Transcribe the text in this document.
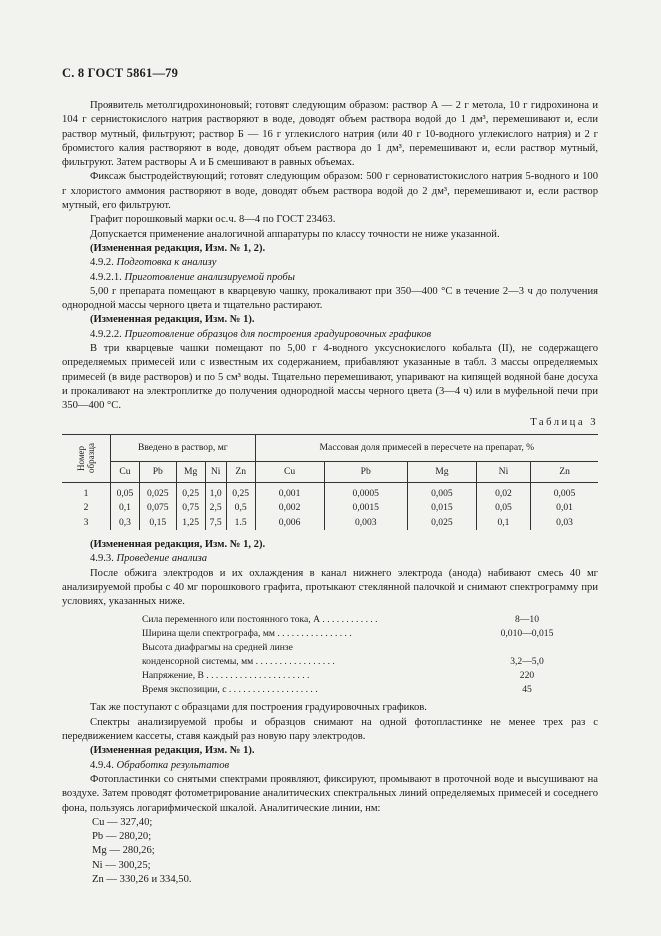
С. 8 ГОСТ 5861—79

Проявитель метолгидрохиноновый; готовят следующим образом: раствор А — 2 г метола, 10 г гидрохинона и 104 г сернистокислого натрия растворяют в воде, доводят объем раствора водой до 1 дм³, перемешивают и, если раствор мутный, фильтруют; раствор Б — 16 г углекислого натрия (или 40 г 10-водного углекислого натрия) и 2 г бромистого калия растворяют в воде, доводят объем раствора до 1 дм³, перемешивают и, если раствор мутный, фильтруют. Затем растворы А и Б смешивают в равных объемах.

Фиксаж быстродействующий; готовят следующим образом: 500 г серноватистокислого натрия 5-водного и 100 г хлористого аммония растворяют в воде, доводят объем раствора водой до 2 дм³, перемешивают и, если раствор мутный, его фильтруют.

Графит порошковый марки ос.ч. 8—4 по ГОСТ 23463.

Допускается применение аналогичной аппаратуры по классу точности не ниже указанной.

(Измененная редакция, Изм. № 1, 2).

4.9.2. Подготовка к анализу

4.9.2.1. Приготовление анализируемой пробы

5,00 г препарата помещают в кварцевую чашку, прокаливают при 350—400 °С в течение 2—3 ч до получения однородной массы черного цвета и тщательно растирают.

(Измененная редакция, Изм. № 1).

4.9.2.2. Приготовление образцов для построения градуировочных графиков

В три кварцевые чашки помещают по 5,00 г 4-водного уксуснокислого кобальта (II), не содержащего определяемых примесей или с известным их содержанием, прибавляют указанные в табл. 3 массы определяемых примесей (в виде растворов) и по 5 см³ воды. Тщательно перемешивают, упаривают на кипящей водяной бане досуха и прокаливают на электроплитке до получения однородной массы черного цвета (3—4 ч) или в муфельной печи при 350—400 °С.

Таблица 3
Номер образца	Введено в раствор, мг					Массовая доля примесей в пересчете на препарат, %				
	Cu	Pb	Mg	Ni	Zn	Cu	Pb	Mg	Ni	Zn
1	0,05	0,025	0,25	1,0	0,25	0,001	0,0005	0,005	0,02	0,005
2	0,1	0,075	0,75	2,5	0,5	0,002	0,0015	0,015	0,05	0,01
3	0,3	0,15	1,25	7,5	1.5	0,006	0,003	0,025	0,1	0,03

(Измененная редакция, Изм. № 1, 2).

4.9.3. Проведение анализа

После обжига электродов и их охлаждения в канал нижнего электрода (анода) набивают смесь 40 мг анализируемой пробы с 40 мг порошкового графита, протыкают стеклянной палочкой и снимают спектрограмму при условиях, указанных ниже.

Сила переменного или постоянного тока, А . . . . . . . . . . . .	8—10
Ширина щели спектрографа, мм . . . . . . . . . . . . . . . .	0,010—0,015
Высота диафрагмы на средней линзе
конденсорной системы, мм . . . . . . . . . . . . . . . . .	3,2—5,0
Напряжение, В . . . . . . . . . . . . . . . . . . . . . .	220
Время экспозиции, с . . . . . . . . . . . . . . . . . . .	45

Так же поступают с образцами для построения градуировочных графиков.

Спектры анализируемой пробы и образцов снимают на одной фотопластинке не менее трех раз с передвижением кассеты, ставя каждый раз новую пару электродов.

(Измененная редакция, Изм. № 1).

4.9.4. Обработка результатов

Фотопластинки со снятыми спектрами проявляют, фиксируют, промывают в проточной воде и высушивают на воздухе. Затем проводят фотометрирование аналитических спектральных линий определяемых примесей и соседнего фона, пользуясь логарифмической шкалой. Аналитические линии, нм:

Cu — 327,40;
Pb — 280,20;
Mg — 280,26;
Ni — 300,25;
Zn — 330,26 и 334,50.
